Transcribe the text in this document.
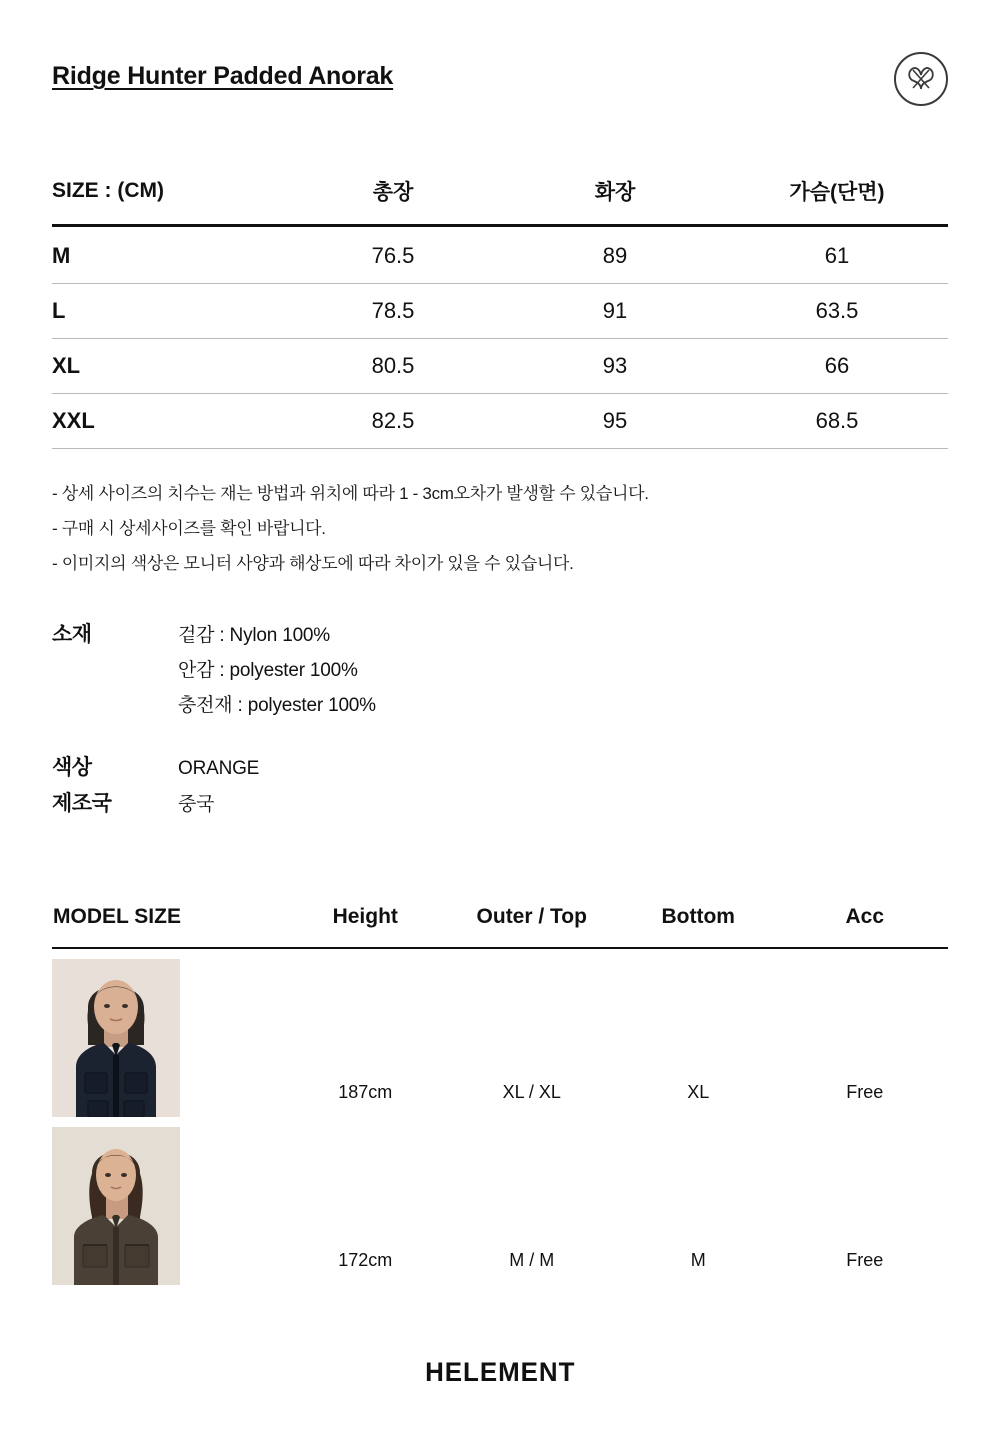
Ridge Hunter Padded Anorak
SIZE : (CM)	총장	화장	가슴(단면)
M	76.5	89	61
L	78.5	91	63.5
XL	80.5	93	66
XXL	82.5	95	68.5

- 상세 사이즈의 치수는 재는 방법과 위치에 따라 1 - 3cm오차가 발생할 수 있습니다.

- 구매 시 상세사이즈를 확인 바랍니다.

- 이미지의 색상은 모니터 사양과 해상도에 따라 차이가 있을 수 있습니다.

소재	겉감 : Nylon 100%
안감 : polyester 100%
충전재 : polyester 100%
색상	ORANGE
제조국	중국
MODEL SIZE	Height	Outer / Top	Bottom	Acc

	187cm	XL / XL	XL	Free

	172cm	M / M	M	Free
HELEMENT
